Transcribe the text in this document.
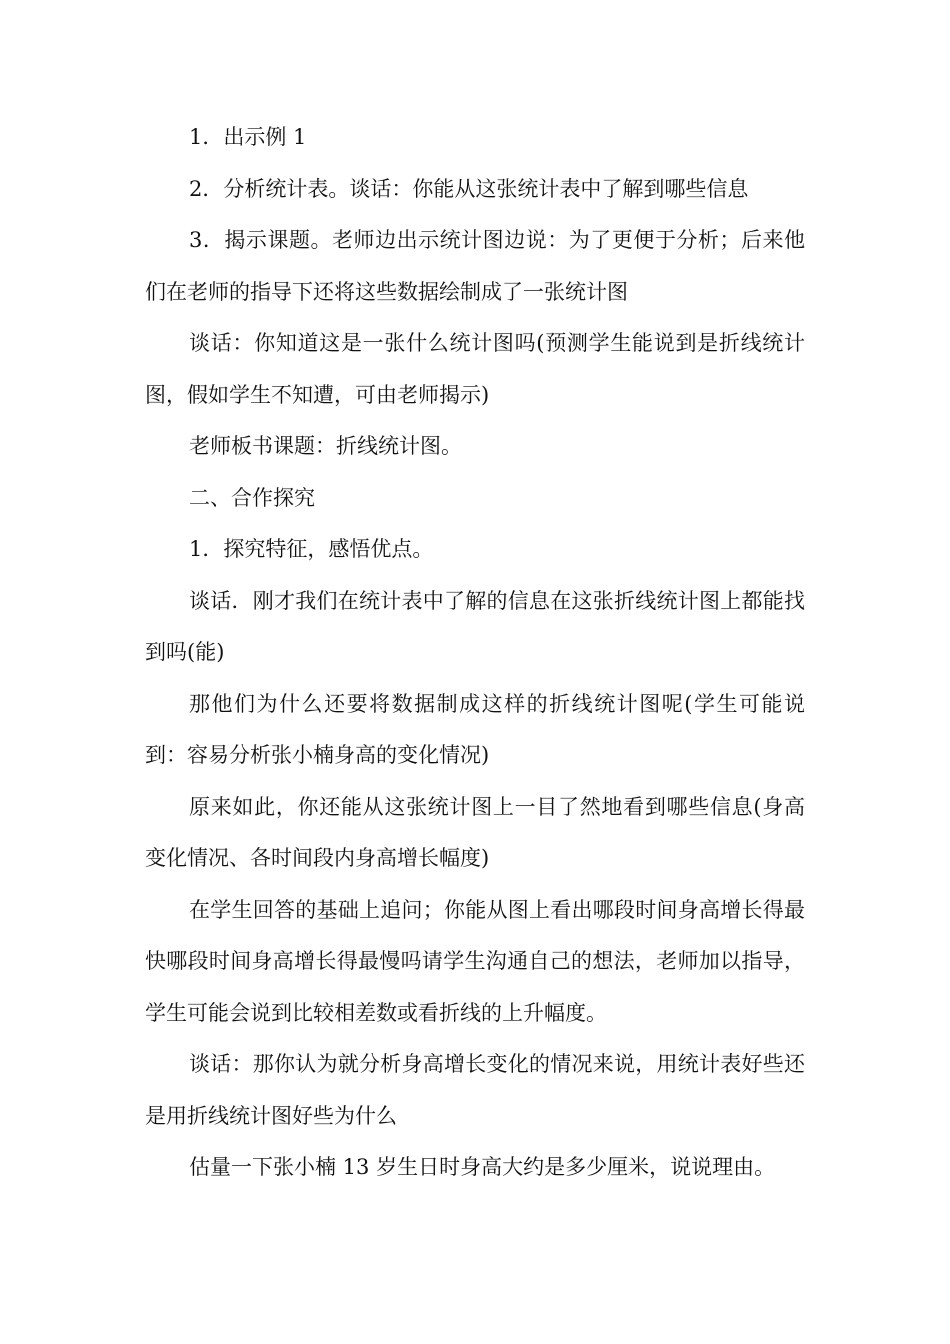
1．出示例 1

2．分析统计表。谈话：你能从这张统计表中了解到哪些信息

3．揭示课题。老师边出示统计图边说：为了更便于分析；后来他们在老师的指导下还将这些数据绘制成了一张统计图

谈话：你知道这是一张什么统计图吗(预测学生能说到是折线统计图，假如学生不知遭，可由老师揭示)

老师板书课题：折线统计图。

二、合作探究

1．探究特征，感悟优点。

谈话．刚才我们在统计表中了解的信息在这张折线统计图上都能找到吗(能)

那他们为什么还要将数据制成这样的折线统计图呢(学生可能说到：容易分析张小楠身高的变化情况)

原来如此，你还能从这张统计图上一目了然地看到哪些信息(身高变化情况、各时间段内身高增长幅度)

在学生回答的基础上追问；你能从图上看出哪段时间身高增长得最快哪段时间身高增长得最慢吗请学生沟通自己的想法，老师加以指导，学生可能会说到比较相差数或看折线的上升幅度。

谈话：那你认为就分析身高增长变化的情况来说，用统计表好些还是用折线统计图好些为什么

估量一下张小楠 13 岁生日时身高大约是多少厘米，说说理由。
